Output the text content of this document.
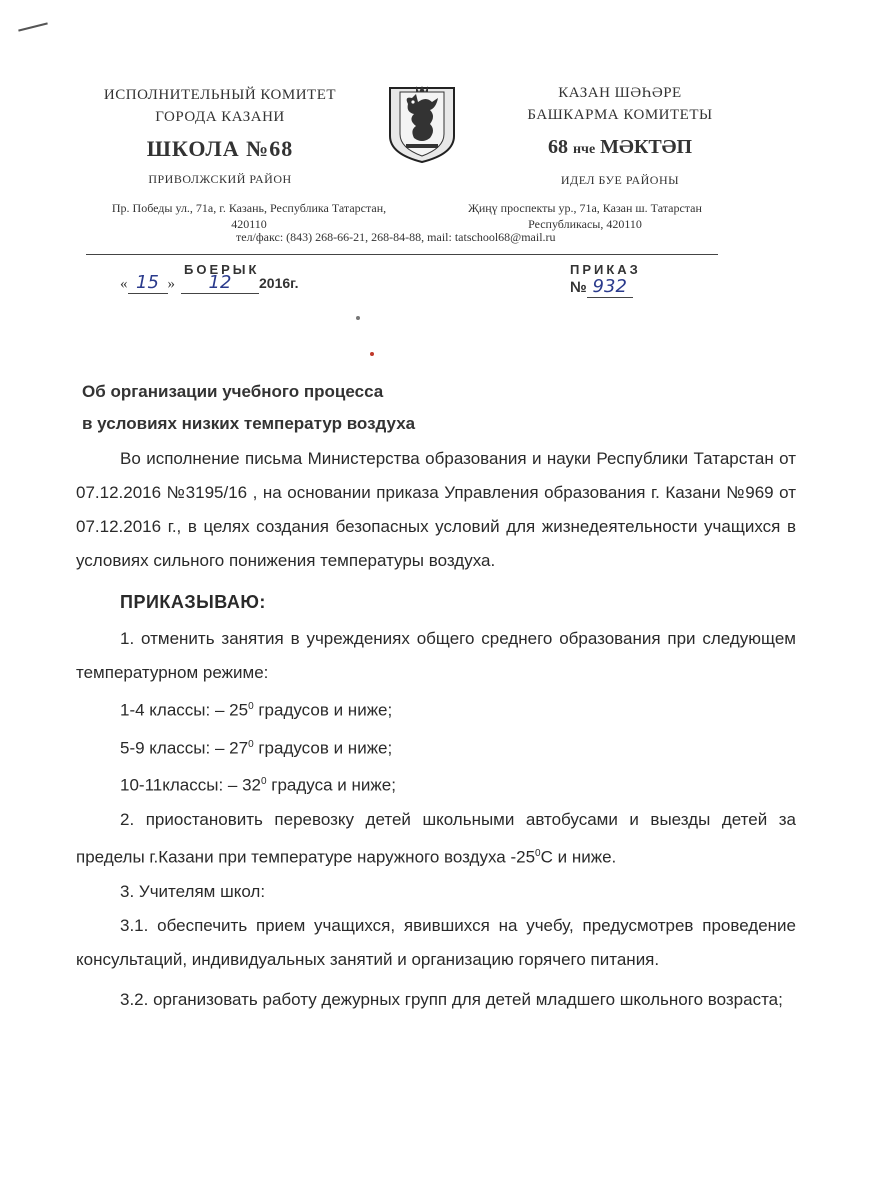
ИСПОЛНИТЕЛЬНЫЙ КОМИТЕТ
ГОРОДА КАЗАНИ
ШКОЛА №68
ПРИВОЛЖСКИЙ РАЙОН
КАЗАН ШӘҺӘРЕ
БАШКАРМА КОМИТЕТЫ
68 нче МӘКТӘП
ИДЕЛ БУЕ РАЙОНЫ
Пр. Победы ул., 71а, г. Казань, Республика Татарстан,
420110
Җиңү проспекты ур., 71а, Казан ш. Татарстан
Республикасы, 420110
тел/факс: (843) 268-66-21, 268-84-88, mail: tatschool68@mail.ru
БОЕРЫК
« 15 » 12 2016г.
ПРИКАЗ
№ 932
Об организации учебного процесса
в условиях низких температур воздуха

Во исполнение письма Министерства образования и науки Республики Татарстан от 07.12.2016 №3195/16 , на основании приказа Управления образования г. Казани №969 от 07.12.2016 г., в целях создания безопасных условий для жизнедеятельности учащихся в условиях сильного понижения температуры воздуха.

ПРИКАЗЫВАЮ:

1. отменить занятия в учреждениях общего среднего образования при следующем температурном режиме:

1-4 классы: – $25^0$ градусов и ниже;
5-9 классы: – $27^0$ градусов и ниже;
10-11классы: – $32^0$ градуса и ниже;

2. приостановить перевозку детей школьными автобусами и выезды детей за пределы г.Казани при температуре наружного воздуха $-25^0С$ и ниже.

3. Учителям школ:

3.1. обеспечить прием учащихся, явившихся на учебу, предусмотрев проведение консультаций, индивидуальных занятий и организацию горячего питания.

3.2. организовать работу дежурных групп для детей младшего школьного возраста;
